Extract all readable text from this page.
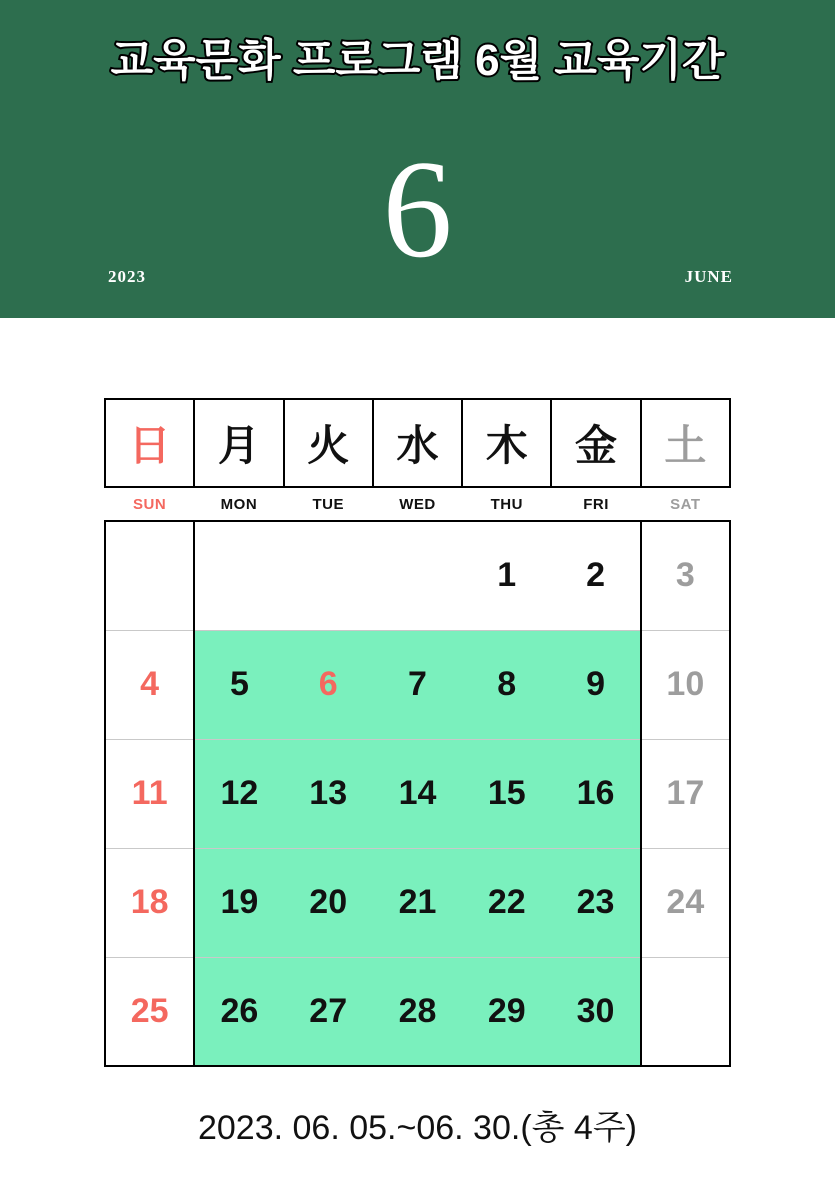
교육문화 프로그램 6월 교육기간
6
2023	JUNE
日	月	火	水	木	金	土
SUN	MON	TUE	WED	THU	FRI	SAT
				1	2	3
4	5	6	7	8	9	10
11	12	13	14	15	16	17
18	19	20	21	22	23	24
25	26	27	28	29	30	
2023. 06. 05.~06. 30.(총 4주)
